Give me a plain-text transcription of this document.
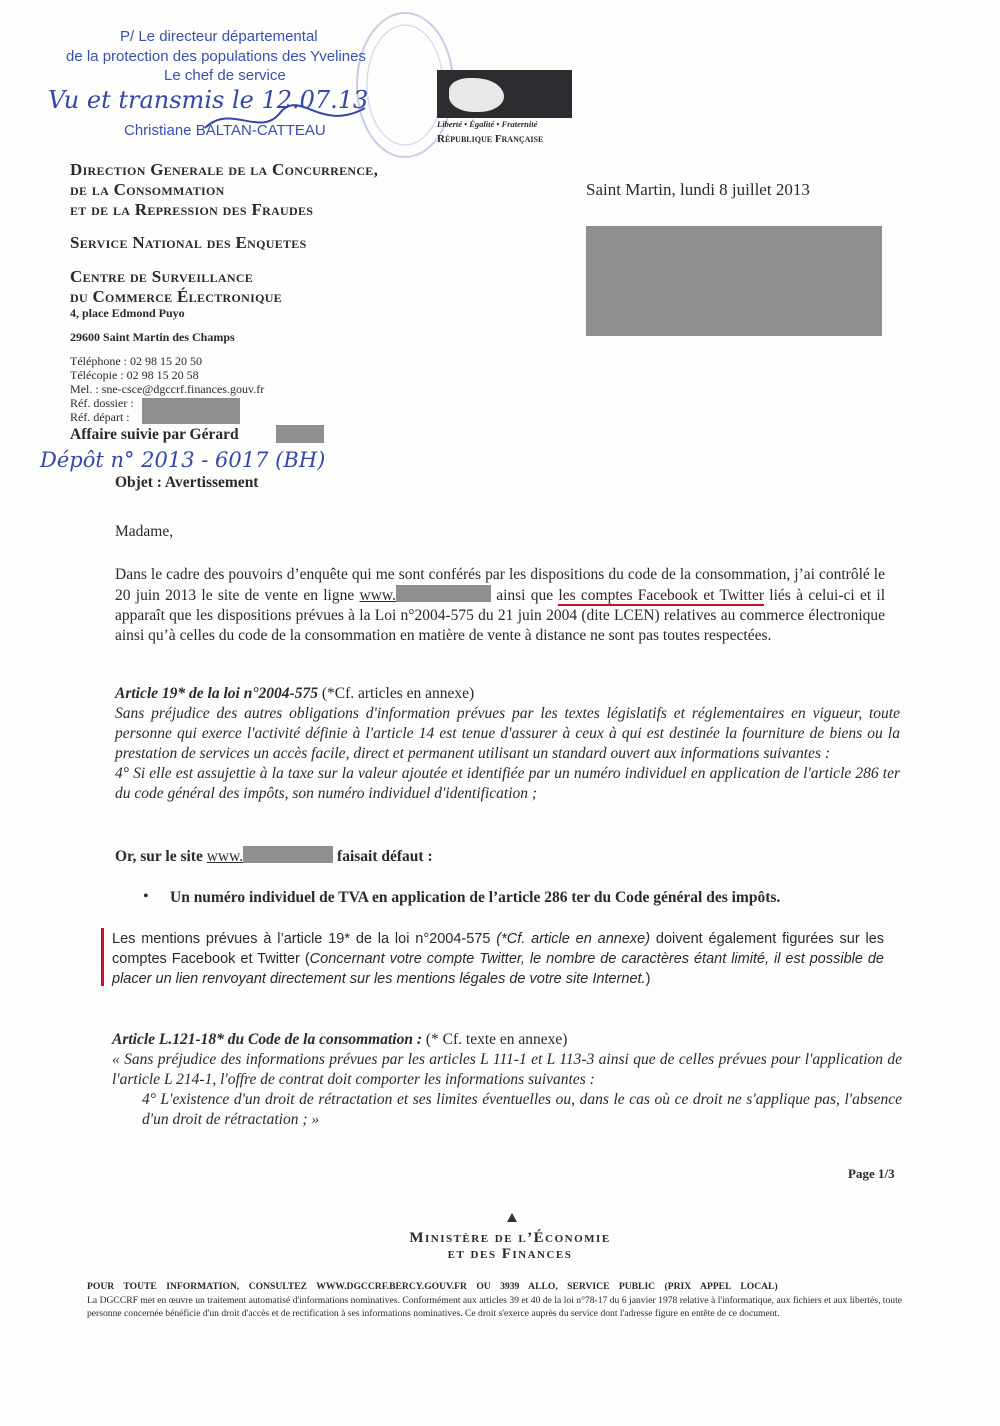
P/ Le directeur départemental
de la protection des populations des Yvelines
Le chef de service
Vu et transmis le 12.07.13
Christiane BALTAN-CATTEAU	Liberté • Égalité • Fraternité
République Française
Direction Generale de la Concurrence,
de la Consommation
et de la Repression des Fraudes
Service National des Enquetes
Centre de Surveillance
du Commerce Électronique
4, place Edmond Puyo
29600 Saint Martin des Champs
Téléphone : 02 98 15 20 50
Télécopie : 02 98 15 20 58
Mel. : sne-csce@dgccrf.finances.gouv.fr
Réf. dossier :
Réf. départ :
Affaire suivie par Gérard
Dépôt n° 2013 - 6017 (BH)
Objet : Avertissement
Saint Martin, lundi 8 juillet 2013
Madame,
Dans le cadre des pouvoirs d’enquête qui me sont conférés par les dispositions du code de la consommation, j’ai contrôlé le 20 juin 2013 le site de vente en ligne www.	ainsi que les comptes Facebook et Twitter liés à celui-ci et il apparaît que les dispositions prévues à la Loi n°2004-575 du 21 juin 2004 (dite LCEN) relatives au commerce électronique ainsi qu’à celles du code de la consommation en matière de vente à distance ne sont pas toutes respectées.
Article 19* de la loi n°2004-575 (*Cf. articles en annexe)
Sans préjudice des autres obligations d'information prévues par les textes législatifs et réglementaires en vigueur, toute personne qui exerce l'activité définie à l'article 14 est tenue d'assurer à ceux à qui est destinée la fourniture de biens ou la prestation de services un accès facile, direct et permanent utilisant un standard ouvert aux informations suivantes :
4° Si elle est assujettie à la taxe sur la valeur ajoutée et identifiée par un numéro individuel en application de l'article 286 ter du code général des impôts, son numéro individuel d'identification ;
Or, sur le site www.	faisait défaut :
• Un numéro individuel de TVA en application de l’article 286 ter du Code général des impôts.
Les mentions prévues à l’article 19* de la loi n°2004-575 (*Cf. article en annexe) doivent également figurées sur les comptes Facebook et Twitter (Concernant votre compte Twitter, le nombre de caractères étant limité, il est possible de placer un lien renvoyant directement sur les mentions légales de votre site Internet.)
Article L.121-18* du Code de la consommation : (* Cf. texte en annexe)
« Sans préjudice des informations prévues par les articles L 111-1 et L 113-3 ainsi que de celles prévues pour l'application de l'article L 214-1, l'offre de contrat doit comporter les informations suivantes :

4° L'existence d'un droit de rétractation et ses limites éventuelles ou, dans le cas où ce droit ne s'applique pas, l'absence d'un droit de rétractation ; »
Page 1/3
Ministère de l’Économie
et des Finances
POUR TOUTE INFORMATION, CONSULTEZ WWW.DGCCRF.BERCY.GOUV.FR OU 3939 ALLO, SERVICE PUBLIC (PRIX APPEL LOCAL)
La DGCCRF met en œuvre un traitement automatisé d'informations nominatives. Conformément aux articles 39 et 40 de la loi n°78-17 du 6 janvier 1978 relative à l'informatique, aux fichiers et aux libertés, toute personne concernée bénéficie d'un droit d'accès et de rectification à ses informations nominatives. Ce droit s'exerce auprès du service dont l'adresse figure en entête de ce document.
